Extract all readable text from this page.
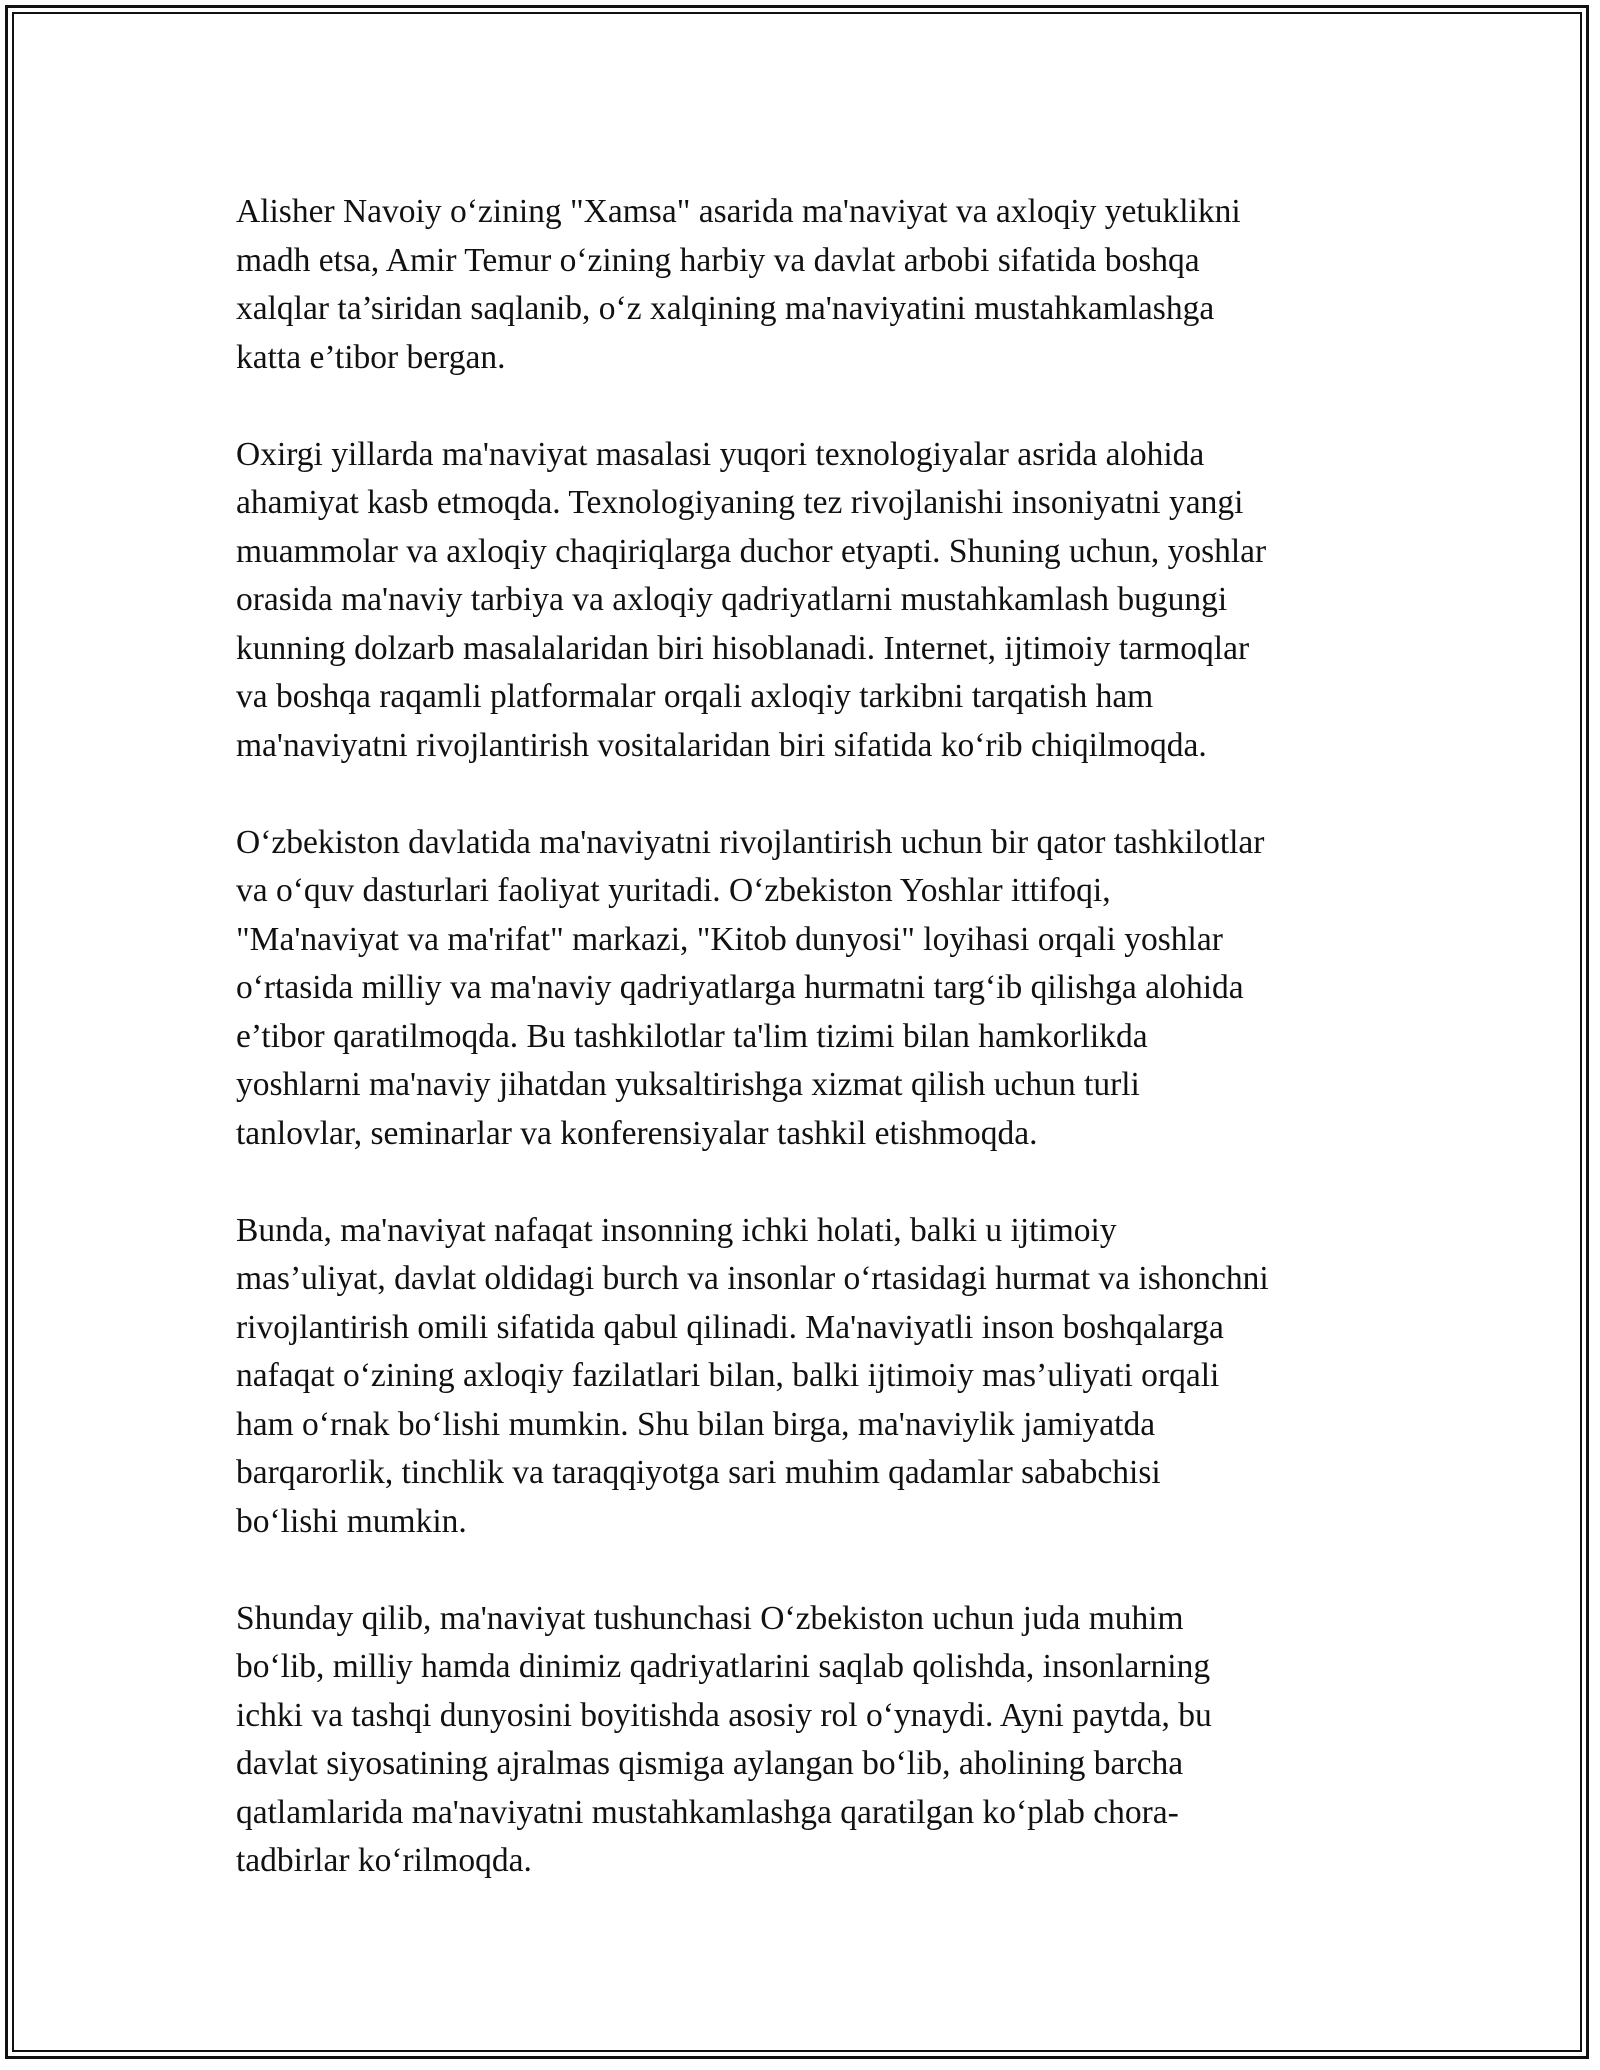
Alisher Navoiy o‘zining "Xamsa" asarida ma'naviyat va axloqiy yetuklikni
madh etsa, Amir Temur o‘zining harbiy va davlat arbobi sifatida boshqa
xalqlar ta’siridan saqlanib, o‘z xalqining ma'naviyatini mustahkamlashga
katta e’tibor bergan.

Oxirgi yillarda ma'naviyat masalasi yuqori texnologiyalar asrida alohida
ahamiyat kasb etmoqda. Texnologiyaning tez rivojlanishi insoniyatni yangi
muammolar va axloqiy chaqiriqlarga duchor etyapti. Shuning uchun, yoshlar
orasida ma'naviy tarbiya va axloqiy qadriyatlarni mustahkamlash bugungi
kunning dolzarb masalalaridan biri hisoblanadi. Internet, ijtimoiy tarmoqlar
va boshqa raqamli platformalar orqali axloqiy tarkibni tarqatish ham
ma'naviyatni rivojlantirish vositalaridan biri sifatida ko‘rib chiqilmoqda.

O‘zbekiston davlatida ma'naviyatni rivojlantirish uchun bir qator tashkilotlar
va o‘quv dasturlari faoliyat yuritadi. O‘zbekiston Yoshlar ittifoqi,
"Ma'naviyat va ma'rifat" markazi, "Kitob dunyosi" loyihasi orqali yoshlar
o‘rtasida milliy va ma'naviy qadriyatlarga hurmatni targ‘ib qilishga alohida
e’tibor qaratilmoqda. Bu tashkilotlar ta'lim tizimi bilan hamkorlikda
yoshlarni ma'naviy jihatdan yuksaltirishga xizmat qilish uchun turli
tanlovlar, seminarlar va konferensiyalar tashkil etishmoqda.

Bunda, ma'naviyat nafaqat insonning ichki holati, balki u ijtimoiy
mas’uliyat, davlat oldidagi burch va insonlar o‘rtasidagi hurmat va ishonchni
rivojlantirish omili sifatida qabul qilinadi. Ma'naviyatli inson boshqalarga
nafaqat o‘zining axloqiy fazilatlari bilan, balki ijtimoiy mas’uliyati orqali
ham o‘rnak bo‘lishi mumkin. Shu bilan birga, ma'naviylik jamiyatda
barqarorlik, tinchlik va taraqqiyotga sari muhim qadamlar sababchisi
bo‘lishi mumkin.

Shunday qilib, ma'naviyat tushunchasi O‘zbekiston uchun juda muhim
bo‘lib, milliy hamda dinimiz qadriyatlarini saqlab qolishda, insonlarning
ichki va tashqi dunyosini boyitishda asosiy rol o‘ynaydi. Ayni paytda, bu
davlat siyosatining ajralmas qismiga aylangan bo‘lib, aholining barcha
qatlamlarida ma'naviyatni mustahkamlashga qaratilgan ko‘plab chora-
tadbirlar ko‘rilmoqda.
